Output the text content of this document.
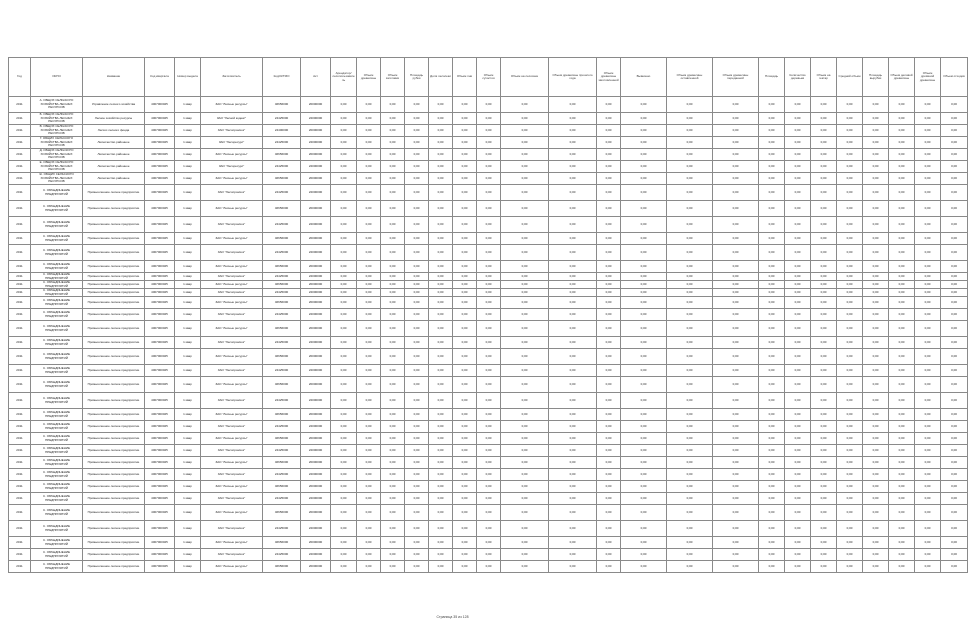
Год	ОКПО	Название	Код квартала	Номер выдела	Заготовитель	КодОКТМО	Акт	Арендатор/ лесопользователь	Объем древесины	Объем заготовки	Площадь рубки	Доля лесосеки	Объем пни	Объем сухостоя	Объем на лесосеке	Объем древесины прошлого года	Объем древесины заготовленной	Вывезено	Объем древесины оставленной	Объем древесины переданной	Площадь	Количество деревьев	Объем на гектар	Средний объем	Площадь вырубки	Объем деловой древесины	Объем дровяной древесины	Объем отходов
2011	А. ОБЩИХ СЕЛЬСКОГО ХОЗЯЙСТВА ЛЕСНЫХ РЕСУРСОВ	Управление лесного хозяйства	4007000025	1 квар	ЗАО "Лесные ресурсы"	46656000	20000000	0,00	0,00	0,00	0,00	0,00	0,00	0,00	0,00	0,00	0,00	0,00	0,00	0,00	0,00	0,00	0,00	0,00	0,00	0,00	0,00	0,00
2011	Б. ОБЩИХ СЕЛЬСКОГО ХОЗЯЙСТВА ЛЕСНЫХ РЕСУРСОВ	Лесное хозяйство ресурсы	4007000025	1 квар	ЗАО "Лесной кодекс"	24425000	22000000	0,00	0,00	0,00	0,00	0,00	0,00	0,00	0,00	0,00	0,00	0,00	0,00	0,00	0,00	0,00	0,00	0,00	0,00	0,00	0,00	0,00
2011	В. ОБЩИХ СЕЛЬСКОГО ХОЗЯЙСТВА ЛЕСНЫХ РЕСУРСОВ	Лесхоз лесного фонда	4007000025	1 квар	ЗАО "Лесопромхоз"	24400000	20000000	0,00	0,00	0,00	0,00	0,00	0,00	0,00	0,00	0,00	0,00	0,00	0,00	0,00	0,00	0,00	0,00	0,00	0,00	0,00	0,00	0,00
2011	Г. ОБЩИХ СЕЛЬСКОГО ХОЗЯЙСТВА ЛЕСНЫХ РЕСУРСОВ	Лесничество районное	4007000025	1 квар	ЗАО "Лесоресурс"	24425000	22000000	0,00	0,00	0,00	0,00	0,00	0,00	0,00	0,00	0,00	0,00	0,00	0,00	0,00	0,00	0,00	0,00	0,00	0,00	0,00	0,00	0,00
2011	Д. ОБЩИХ СЕЛЬСКОГО ХОЗЯЙСТВА ЛЕСНЫХ РЕСУРСОВ	Лесничество районное	4007000025	1 квар	ЗАО "Лесные ресурсы"	46656000	20000000	0,00	0,00	0,00	0,00	0,00	0,00	0,00	0,00	0,00	0,00	0,00	0,00	0,00	0,00	0,00	0,00	0,00	0,00	0,00	0,00	0,00
2011	Е. ОБЩИХ СЕЛЬСКОГО ХОЗЯЙСТВА ЛЕСНЫХ РЕСУРСОВ	Лесничество районное	4007000025	1 квар	ЗАО "Лесоресурс"	24425000	22000000	0,00	0,00	0,00	0,00	0,00	0,00	0,00	0,00	0,00	0,00	0,00	0,00	0,00	0,00	0,00	0,00	0,00	0,00	0,00	0,00	0,00
2011	Ж. ОБЩИХ СЕЛЬСКОГО ХОЗЯЙСТВА ЛЕСНЫХ РЕСУРСОВ	Лесничество районное	4007000025	1 квар	ЗАО "Лесные ресурсы"	46656000	20000000	0,00	0,00	0,00	0,00	0,00	0,00	0,00	0,00	0,00	0,00	0,00	0,00	0,00	0,00	0,00	0,00	0,00	0,00	0,00	0,00	0,00
2011	С. ОБЪЕДИНЕНИЕ ПРЕДПРИЯТИЙ	Промышленное лесное предприятие	4007000025	1 квар	ЗАО "Лесопромхоз"	24425000	22000000	0,00	0,00	0,00	0,00	0,00	0,00	0,00	0,00	0,00	0,00	0,00	0,00	0,00	0,00	0,00	0,00	0,00	0,00	0,00	0,00	0,00
2011	С. ОБЪЕДИНЕНИЕ ПРЕДПРИЯТИЙ	Промышленное лесное предприятие	4007000025	1 квар	ЗАО "Лесные ресурсы"	46656000	20000000	0,00	0,00	0,00	0,00	0,00	0,00	0,00	0,00	0,00	0,00	0,00	0,00	0,00	0,00	0,00	0,00	0,00	0,00	0,00	0,00	0,00
2011	С. ОБЪЕДИНЕНИЕ ПРЕДПРИЯТИЙ	Промышленное лесное предприятие	4007000025	1 квар	ЗАО "Лесопромхоз"	24425000	22000000	0,00	0,00	0,00	0,00	0,00	0,00	0,00	0,00	0,00	0,00	0,00	0,00	0,00	0,00	0,00	0,00	0,00	0,00	0,00	0,00	0,00
2011	С. ОБЪЕДИНЕНИЕ ПРЕДПРИЯТИЙ	Промышленное лесное предприятие	4007000025	1 квар	ЗАО "Лесные ресурсы"	46656000	20000000	0,00	0,00	0,00	0,00	0,00	0,00	0,00	0,00	0,00	0,00	0,00	0,00	0,00	0,00	0,00	0,00	0,00	0,00	0,00	0,00	0,00
2011	С. ОБЪЕДИНЕНИЕ ПРЕДПРИЯТИЙ	Промышленное лесное предприятие	4007000025	1 квар	ЗАО "Лесопромхоз"	24425000	22000000	0,00	0,00	0,00	0,00	0,00	0,00	0,00	0,00	0,00	0,00	0,00	0,00	0,00	0,00	0,00	0,00	0,00	0,00	0,00	0,00	0,00
2011	С. ОБЪЕДИНЕНИЕ ПРЕДПРИЯТИЙ	Промышленное лесное предприятие	4007000025	1 квар	ЗАО "Лесные ресурсы"	46656000	20000000	0,00	0,00	0,00	0,00	0,00	0,00	0,00	0,00	0,00	0,00	0,00	0,00	0,00	0,00	0,00	0,00	0,00	0,00	0,00	0,00	0,00
2011	С. ОБЪЕДИНЕНИЕ ПРЕДПРИЯТИЙ	Промышленное лесное предприятие	4007000025	1 квар	ЗАО "Лесопромхоз"	24425000	22000000	0,00	0,00	0,00	0,00	0,00	0,00	0,00	0,00	0,00	0,00	0,00	0,00	0,00	0,00	0,00	0,00	0,00	0,00	0,00	0,00	0,00
2011	С. ОБЪЕДИНЕНИЕ ПРЕДПРИЯТИЙ	Промышленное лесное предприятие	4007000025	1 квар	ЗАО "Лесные ресурсы"	46656000	20000000	0,00	0,00	0,00	0,00	0,00	0,00	0,00	0,00	0,00	0,00	0,00	0,00	0,00	0,00	0,00	0,00	0,00	0,00	0,00	0,00	0,00
2011	С. ОБЪЕДИНЕНИЕ ПРЕДПРИЯТИЙ	Промышленное лесное предприятие	4007000025	1 квар	ЗАО "Лесопромхоз"	24425000	22000000	0,00	0,00	0,00	0,00	0,00	0,00	0,00	0,00	0,00	0,00	0,00	0,00	0,00	0,00	0,00	0,00	0,00	0,00	0,00	0,00	0,00
2011	С. ОБЪЕДИНЕНИЕ ПРЕДПРИЯТИЙ	Промышленное лесное предприятие	4007000025	1 квар	ЗАО "Лесные ресурсы"	46656000	20000000	0,00	0,00	0,00	0,00	0,00	0,00	0,00	0,00	0,00	0,00	0,00	0,00	0,00	0,00	0,00	0,00	0,00	0,00	0,00	0,00	0,00
2011	С. ОБЪЕДИНЕНИЕ ПРЕДПРИЯТИЙ	Промышленное лесное предприятие	4007000025	1 квар	ЗАО "Лесопромхоз"	24425000	22000000	0,00	0,00	0,00	0,00	0,00	0,00	0,00	0,00	0,00	0,00	0,00	0,00	0,00	0,00	0,00	0,00	0,00	0,00	0,00	0,00	0,00
2011	С. ОБЪЕДИНЕНИЕ ПРЕДПРИЯТИЙ	Промышленное лесное предприятие	4007000025	1 квар	ЗАО "Лесные ресурсы"	46656000	20000000	0,00	0,00	0,00	0,00	0,00	0,00	0,00	0,00	0,00	0,00	0,00	0,00	0,00	0,00	0,00	0,00	0,00	0,00	0,00	0,00	0,00
2011	С. ОБЪЕДИНЕНИЕ ПРЕДПРИЯТИЙ	Промышленное лесное предприятие	4007000025	1 квар	ЗАО "Лесопромхоз"	24425000	22000000	0,00	0,00	0,00	0,00	0,00	0,00	0,00	0,00	0,00	0,00	0,00	0,00	0,00	0,00	0,00	0,00	0,00	0,00	0,00	0,00	0,00
2011	С. ОБЪЕДИНЕНИЕ ПРЕДПРИЯТИЙ	Промышленное лесное предприятие	4007000025	1 квар	ЗАО "Лесные ресурсы"	46656000	20000000	0,00	0,00	0,00	0,00	0,00	0,00	0,00	0,00	0,00	0,00	0,00	0,00	0,00	0,00	0,00	0,00	0,00	0,00	0,00	0,00	0,00
2011	С. ОБЪЕДИНЕНИЕ ПРЕДПРИЯТИЙ	Промышленное лесное предприятие	4007000025	1 квар	ЗАО "Лесопромхоз"	24425000	22000000	0,00	0,00	0,00	0,00	0,00	0,00	0,00	0,00	0,00	0,00	0,00	0,00	0,00	0,00	0,00	0,00	0,00	0,00	0,00	0,00	0,00
2011	С. ОБЪЕДИНЕНИЕ ПРЕДПРИЯТИЙ	Промышленное лесное предприятие	4007000025	1 квар	ЗАО "Лесные ресурсы"	46656000	20000000	0,00	0,00	0,00	0,00	0,00	0,00	0,00	0,00	0,00	0,00	0,00	0,00	0,00	0,00	0,00	0,00	0,00	0,00	0,00	0,00	0,00
2011	С. ОБЪЕДИНЕНИЕ ПРЕДПРИЯТИЙ	Промышленное лесное предприятие	4007000025	1 квар	ЗАО "Лесопромхоз"	24425000	22000000	0,00	0,00	0,00	0,00	0,00	0,00	0,00	0,00	0,00	0,00	0,00	0,00	0,00	0,00	0,00	0,00	0,00	0,00	0,00	0,00	0,00
2011	С. ОБЪЕДИНЕНИЕ ПРЕДПРИЯТИЙ	Промышленное лесное предприятие	4007000025	1 квар	ЗАО "Лесные ресурсы"	46656000	20000000	0,00	0,00	0,00	0,00	0,00	0,00	0,00	0,00	0,00	0,00	0,00	0,00	0,00	0,00	0,00	0,00	0,00	0,00	0,00	0,00	0,00
2011	С. ОБЪЕДИНЕНИЕ ПРЕДПРИЯТИЙ	Промышленное лесное предприятие	4007000025	1 квар	ЗАО "Лесопромхоз"	24425000	22000000	0,00	0,00	0,00	0,00	0,00	0,00	0,00	0,00	0,00	0,00	0,00	0,00	0,00	0,00	0,00	0,00	0,00	0,00	0,00	0,00	0,00
2011	С. ОБЪЕДИНЕНИЕ ПРЕДПРИЯТИЙ	Промышленное лесное предприятие	4007000025	1 квар	ЗАО "Лесные ресурсы"	46656000	20000000	0,00	0,00	0,00	0,00	0,00	0,00	0,00	0,00	0,00	0,00	0,00	0,00	0,00	0,00	0,00	0,00	0,00	0,00	0,00	0,00	0,00
2011	С. ОБЪЕДИНЕНИЕ ПРЕДПРИЯТИЙ	Промышленное лесное предприятие	4007000025	1 квар	ЗАО "Лесопромхоз"	24425000	22000000	0,00	0,00	0,00	0,00	0,00	0,00	0,00	0,00	0,00	0,00	0,00	0,00	0,00	0,00	0,00	0,00	0,00	0,00	0,00	0,00	0,00
2011	С. ОБЪЕДИНЕНИЕ ПРЕДПРИЯТИЙ	Промышленное лесное предприятие	4007000025	1 квар	ЗАО "Лесные ресурсы"	46656000	20000000	0,00	0,00	0,00	0,00	0,00	0,00	0,00	0,00	0,00	0,00	0,00	0,00	0,00	0,00	0,00	0,00	0,00	0,00	0,00	0,00	0,00
2011	С. ОБЪЕДИНЕНИЕ ПРЕДПРИЯТИЙ	Промышленное лесное предприятие	4007000025	1 квар	ЗАО "Лесопромхоз"	24425000	22000000	0,00	0,00	0,00	0,00	0,00	0,00	0,00	0,00	0,00	0,00	0,00	0,00	0,00	0,00	0,00	0,00	0,00	0,00	0,00	0,00	0,00
2011	С. ОБЪЕДИНЕНИЕ ПРЕДПРИЯТИЙ	Промышленное лесное предприятие	4007000025	1 квар	ЗАО "Лесные ресурсы"	46656000	20000000	0,00	0,00	0,00	0,00	0,00	0,00	0,00	0,00	0,00	0,00	0,00	0,00	0,00	0,00	0,00	0,00	0,00	0,00	0,00	0,00	0,00
2011	С. ОБЪЕДИНЕНИЕ ПРЕДПРИЯТИЙ	Промышленное лесное предприятие	4007000025	1 квар	ЗАО "Лесопромхоз"	24425000	22000000	0,00	0,00	0,00	0,00	0,00	0,00	0,00	0,00	0,00	0,00	0,00	0,00	0,00	0,00	0,00	0,00	0,00	0,00	0,00	0,00	0,00
2011	С. ОБЪЕДИНЕНИЕ ПРЕДПРИЯТИЙ	Промышленное лесное предприятие	4007000025	1 квар	ЗАО "Лесные ресурсы"	46656000	20000000	0,00	0,00	0,00	0,00	0,00	0,00	0,00	0,00	0,00	0,00	0,00	0,00	0,00	0,00	0,00	0,00	0,00	0,00	0,00	0,00	0,00
2011	С. ОБЪЕДИНЕНИЕ ПРЕДПРИЯТИЙ	Промышленное лесное предприятие	4007000025	1 квар	ЗАО "Лесопромхоз"	24425000	22000000	0,00	0,00	0,00	0,00	0,00	0,00	0,00	0,00	0,00	0,00	0,00	0,00	0,00	0,00	0,00	0,00	0,00	0,00	0,00	0,00	0,00
2011	С. ОБЪЕДИНЕНИЕ ПРЕДПРИЯТИЙ	Промышленное лесное предприятие	4007000025	1 квар	ЗАО "Лесные ресурсы"	46656000	20000000	0,00	0,00	0,00	0,00	0,00	0,00	0,00	0,00	0,00	0,00	0,00	0,00	0,00	0,00	0,00	0,00	0,00	0,00	0,00	0,00	0,00
2011	С. ОБЪЕДИНЕНИЕ ПРЕДПРИЯТИЙ	Промышленное лесное предприятие	4007000025	1 квар	ЗАО "Лесопромхоз"	24425000	22000000	0,00	0,00	0,00	0,00	0,00	0,00	0,00	0,00	0,00	0,00	0,00	0,00	0,00	0,00	0,00	0,00	0,00	0,00	0,00	0,00	0,00
2011	С. ОБЪЕДИНЕНИЕ ПРЕДПРИЯТИЙ	Промышленное лесное предприятие	4007000025	1 квар	ЗАО "Лесные ресурсы"	46656000	20000000	0,00	0,00	0,00	0,00	0,00	0,00	0,00	0,00	0,00	0,00	0,00	0,00	0,00	0,00	0,00	0,00	0,00	0,00	0,00	0,00	0,00
Страница 35 из 128
